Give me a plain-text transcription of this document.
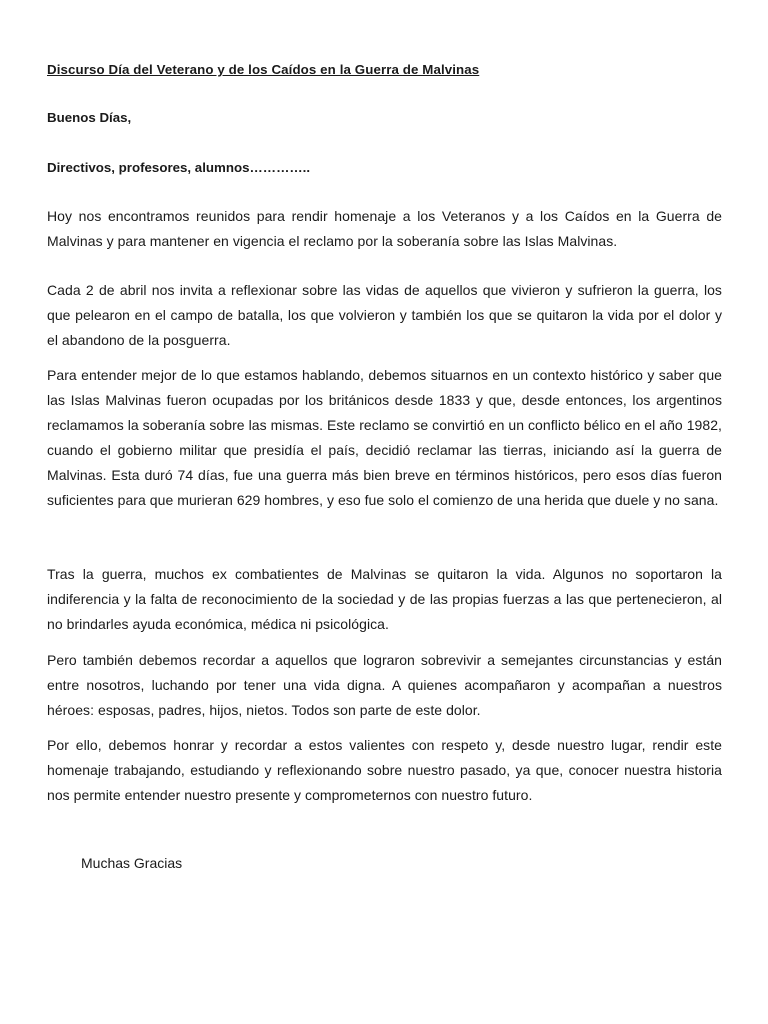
Discurso Día del Veterano y de los Caídos en la Guerra de Malvinas
Buenos Días,
Directivos, profesores, alumnos…………..

Hoy nos encontramos reunidos para rendir homenaje a los Veteranos y a los Caídos en la Guerra de Malvinas y para mantener en vigencia el reclamo por la soberanía sobre las Islas Malvinas.

Cada 2 de abril nos invita a reflexionar sobre las vidas de aquellos que vivieron y sufrieron la guerra, los que pelearon en el campo de batalla, los que volvieron y también los que se quitaron la vida por el dolor y el abandono de la posguerra.

Para entender mejor de lo que estamos hablando, debemos situarnos en un contexto histórico y saber que las Islas Malvinas fueron ocupadas por los británicos desde 1833 y que, desde entonces, los argentinos reclamamos la soberanía sobre las mismas. Este reclamo se convirtió en un conflicto bélico en el año 1982, cuando el gobierno militar que presidía el país, decidió reclamar las tierras, iniciando así la guerra de Malvinas. Esta duró 74 días, fue una guerra más bien breve en términos históricos, pero esos días fueron suficientes para que murieran 629 hombres, y eso fue solo el comienzo de una herida que duele y no sana.

Tras la guerra, muchos ex combatientes de Malvinas se quitaron la vida. Algunos no soportaron la indiferencia y la falta de reconocimiento de la sociedad y de las propias fuerzas a las que pertenecieron, al no brindarles ayuda económica, médica ni psicológica.

Pero también debemos recordar a aquellos que lograron sobrevivir a semejantes circunstancias y están entre nosotros, luchando por tener una vida digna. A quienes acompañaron y acompañan a nuestros héroes: esposas, padres, hijos, nietos. Todos son parte de este dolor.

Por ello, debemos honrar y recordar a estos valientes con respeto y, desde nuestro lugar, rendir este homenaje trabajando, estudiando y reflexionando sobre nuestro pasado, ya que, conocer nuestra historia nos permite entender nuestro presente y comprometernos con nuestro futuro.

Muchas Gracias
